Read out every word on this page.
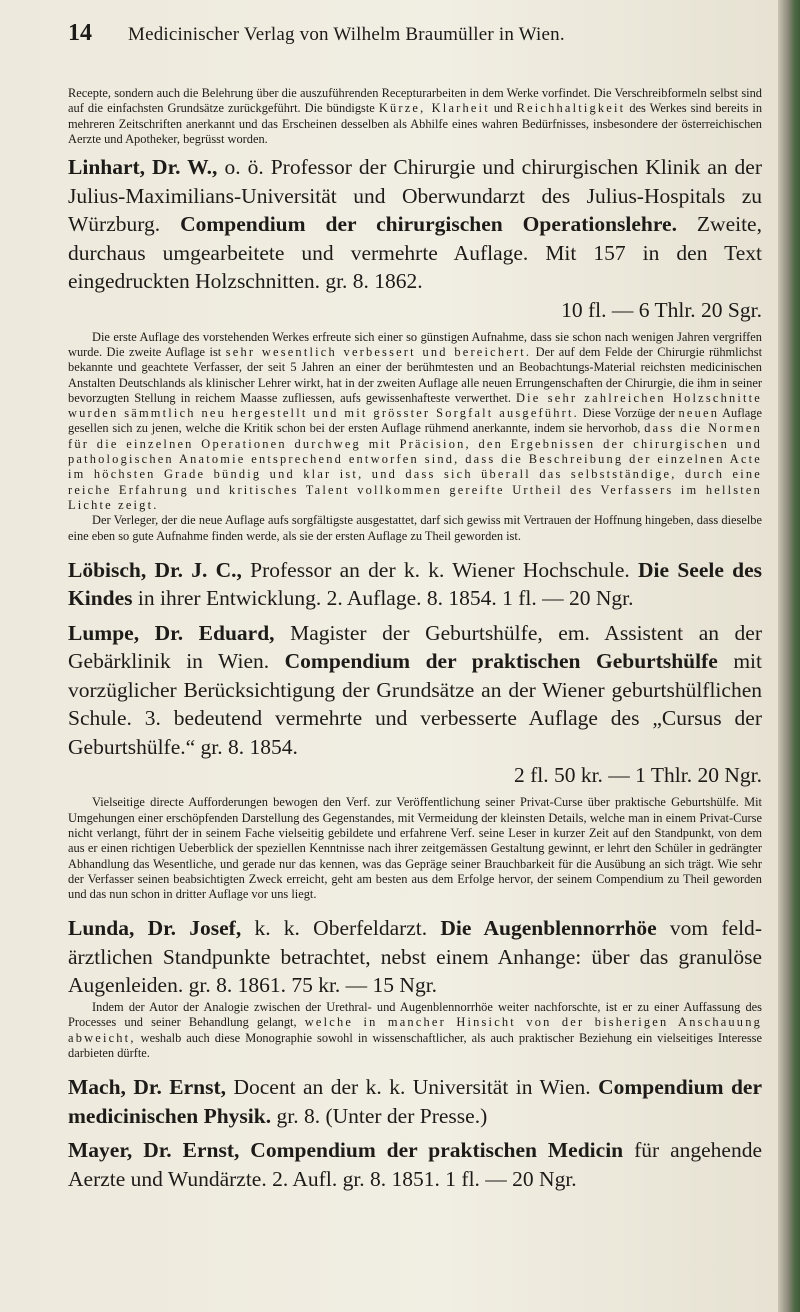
14 Medicinischer Verlag von Wilhelm Braumüller in Wien.

Recepte, sondern auch die Belehrung über die auszuführenden Recepturarbeiten in dem Werke vorfindet. Die Verschreibformeln selbst sind auf die einfachsten Grundsätze zurückgeführt. Die bündigste Kürze, Klarheit und Reichhaltigkeit des Werkes sind bereits in mehreren Zeitschriften anerkannt und das Erscheinen desselben als Abhilfe eines wahren Bedürfnisses, insbesondere der österreichischen Aerzte und Apotheker, begrüsst worden.

Linhart, Dr. W., o. ö. Professor der Chirurgie und chirurgischen Klinik an der Julius-Maximilians-Universität und Oberwundarzt des Julius-Hospitals zu Würzburg. Compendium der chirurgischen Operationslehre. Zweite, durchaus umgearbeitete und vermehrte Auflage. Mit 157 in den Text eingedruckten Holzschnitten. gr. 8. 1862.

10 fl. — 6 Thlr. 20 Sgr.

Die erste Auflage des vorstehenden Werkes erfreute sich einer so günstigen Aufnahme, dass sie schon nach wenigen Jahren vergriffen wurde. Die zweite Auflage ist sehr wesentlich verbessert und bereichert. Der auf dem Felde der Chirurgie rühmlichst bekannte und geachtete Verfasser, der seit 5 Jahren an einer der berühmtesten und an Beobachtungs-Material reichsten medicinischen Anstalten Deutschlands als klinischer Lehrer wirkt, hat in der zweiten Auflage alle neuen Errungenschaften der Chirurgie, die ihm in seiner bevorzugten Stellung in reichem Maasse zufliessen, aufs gewissenhafteste verwerthet. Die sehr zahlreichen Holzschnitte wurden sämmtlich neu hergestellt und mit grösster Sorgfalt ausgeführt. Diese Vorzüge der neuen Auflage gesellen sich zu jenen, welche die Kritik schon bei der ersten Auflage rühmend anerkannte, indem sie hervorhob, dass die Normen für die einzelnen Operationen durchweg mit Präcision, den Ergebnissen der chirurgischen und pathologischen Anatomie entsprechend entworfen sind, dass die Beschreibung der einzelnen Acte im höchsten Grade bündig und klar ist, und dass sich überall das selbstständige, durch eine reiche Erfahrung und kritisches Talent vollkommen gereifte Urtheil des Verfassers im hellsten Lichte zeigt.

Der Verleger, der die neue Auflage aufs sorgfältigste ausgestattet, darf sich gewiss mit Vertrauen der Hoffnung hingeben, dass dieselbe eine eben so gute Aufnahme finden werde, als sie der ersten Auflage zu Theil geworden ist.

Löbisch, Dr. J. C., Professor an der k. k. Wiener Hochschule. Die Seele des Kindes in ihrer Entwicklung. 2. Auflage. 8. 1854. 1 fl. — 20 Ngr.

Lumpe, Dr. Eduard, Magister der Geburtshülfe, em. Assistent an der Gebärklinik in Wien. Compendium der praktischen Geburtshülfe mit vorzüglicher Berücksichtigung der Grundsätze an der Wiener geburtshülflichen Schule. 3. bedeutend vermehrte und verbesserte Auflage des „Cursus der Geburtshülfe.“ gr. 8. 1854.

2 fl. 50 kr. — 1 Thlr. 20 Ngr.

Vielseitige directe Aufforderungen bewogen den Verf. zur Veröffentlichung seiner Privat-Curse über praktische Geburtshülfe. Mit Umgehungen einer erschöpfenden Darstellung des Gegenstandes, mit Vermeidung der kleinsten Details, welche man in einem Privat-Curse nicht verlangt, führt der in seinem Fache vielseitig gebildete und erfahrene Verf. seine Leser in kurzer Zeit auf den Standpunkt, von dem aus er einen richtigen Ueberblick der speziellen Kenntnisse nach ihrer zeitgemässen Gestaltung gewinnt, er lehrt den Schüler in gedrängter Abhandlung das Wesentliche, und gerade nur das kennen, was das Gepräge seiner Brauchbarkeit für die Ausübung an sich trägt. Wie sehr der Verfasser seinen beabsichtigten Zweck erreicht, geht am besten aus dem Erfolge hervor, der seinem Compendium zu Theil geworden und das nun schon in dritter Auflage vor uns liegt.

Lunda, Dr. Josef, k. k. Oberfeldarzt. Die Augenblennorrhöe vom feldärztlichen Standpunkte betrachtet, nebst einem Anhange: über das granulöse Augenleiden. gr. 8. 1861. 75 kr. — 15 Ngr.

Indem der Autor der Analogie zwischen der Urethral- und Augenblennorrhöe weiter nachforschte, ist er zu einer Auffassung des Processes und seiner Behandlung gelangt, welche in mancher Hinsicht von der bisherigen Anschauung abweicht, weshalb auch diese Monographie sowohl in wissenschaftlicher, als auch praktischer Beziehung ein vielseitiges Interesse darbieten dürfte.

Mach, Dr. Ernst, Docent an der k. k. Universität in Wien. Compendium der medicinischen Physik. gr. 8. (Unter der Presse.)

Mayer, Dr. Ernst, Compendium der praktischen Medicin für angehende Aerzte und Wundärzte. 2. Aufl. gr. 8. 1851. 1 fl. — 20 Ngr.
